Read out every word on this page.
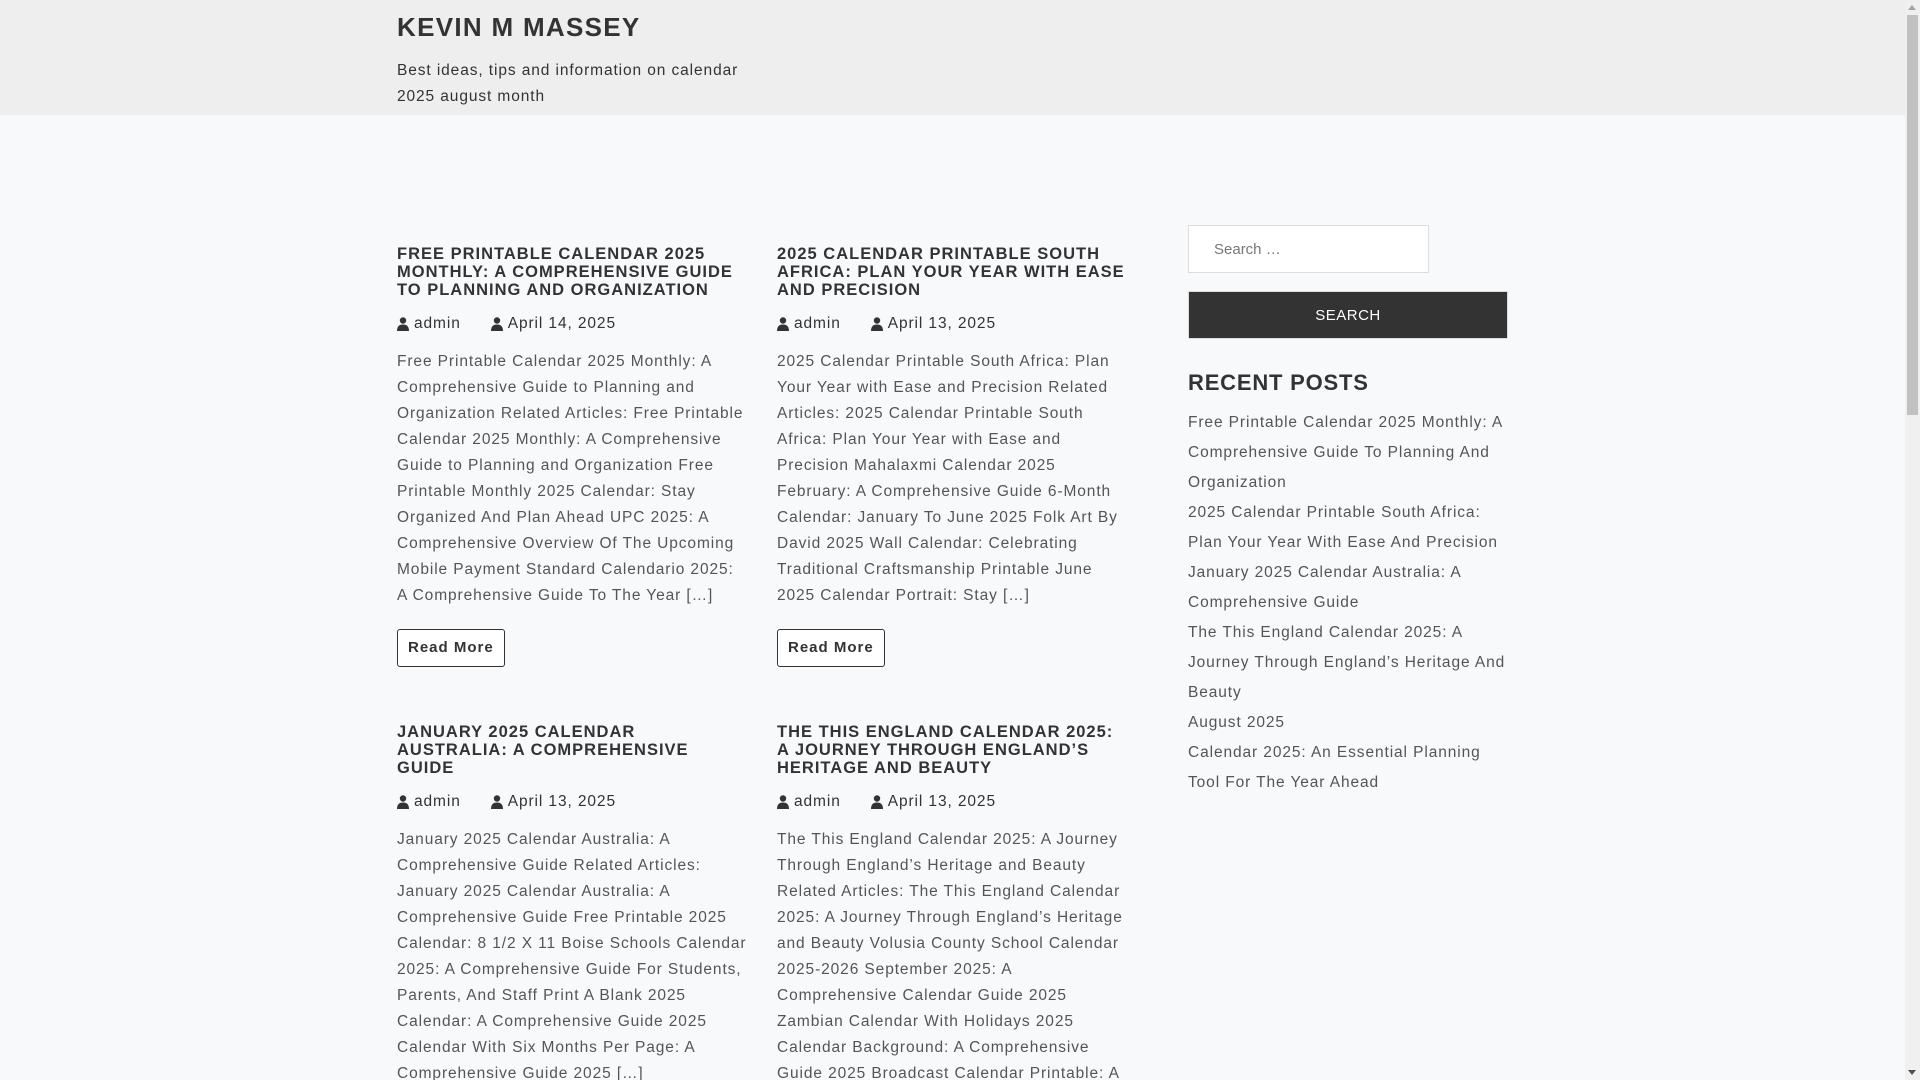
KEVIN M MASSEY
Best ideas, tips and information on calendar 2025 august month
FREE PRINTABLE CALENDAR 2025 MONTHLY: A COMPREHENSIVE GUIDE TO PLANNING AND ORGANIZATION
admin	April 14, 2025

Free Printable Calendar 2025 Monthly: A Comprehensive Guide to Planning and Organization Related Articles: Free Printable Calendar 2025 Monthly: A Comprehensive Guide to Planning and Organization Free Printable Monthly 2025 Calendar: Stay Organized And Plan Ahead UPC 2025: A Comprehensive Overview Of The Upcoming Mobile Payment Standard Calendario 2025: A Comprehensive Guide To The Year […]

Read More
2025 CALENDAR PRINTABLE SOUTH AFRICA: PLAN YOUR YEAR WITH EASE AND PRECISION
admin	April 13, 2025

2025 Calendar Printable South Africa: Plan Your Year with Ease and Precision Related Articles: 2025 Calendar Printable South Africa: Plan Your Year with Ease and Precision Mahalaxmi Calendar 2025 February: A Comprehensive Guide 6-Month Calendar: January To June 2025 Folk Art By David 2025 Wall Calendar: Celebrating Traditional Craftsmanship Printable June 2025 Calendar Portrait: Stay […]

Read More
JANUARY 2025 CALENDAR AUSTRALIA: A COMPREHENSIVE GUIDE
admin	April 13, 2025

January 2025 Calendar Australia: A Comprehensive Guide Related Articles: January 2025 Calendar Australia: A Comprehensive Guide Free Printable 2025 Calendar: 8 1/2 X 11 Boise Schools Calendar 2025: A Comprehensive Guide For Students, Parents, And Staff Print A Blank 2025 Calendar: A Comprehensive Guide 2025 Calendar With Six Months Per Page: A Comprehensive Guide 2025 […]

THE THIS ENGLAND CALENDAR 2025: A JOURNEY THROUGH ENGLAND’S HERITAGE AND BEAUTY
admin	April 13, 2025

The This England Calendar 2025: A Journey Through England’s Heritage and Beauty Related Articles: The This England Calendar 2025: A Journey Through England’s Heritage and Beauty Volusia County School Calendar 2025-2026 September 2025: A Comprehensive Calendar Guide 2025 Zambian Calendar With Holidays 2025 Calendar Background: A Comprehensive Guide 2025 Broadcast Calendar Printable: A

Search …
SEARCH
RECENT POSTS
Free Printable Calendar 2025 Monthly: A Comprehensive Guide To Planning And Organization
2025 Calendar Printable South Africa: Plan Your Year With Ease And Precision
January 2025 Calendar Australia: A Comprehensive Guide
The This England Calendar 2025: A Journey Through England’s Heritage And Beauty
August 2025
Calendar 2025: An Essential Planning Tool For The Year Ahead
